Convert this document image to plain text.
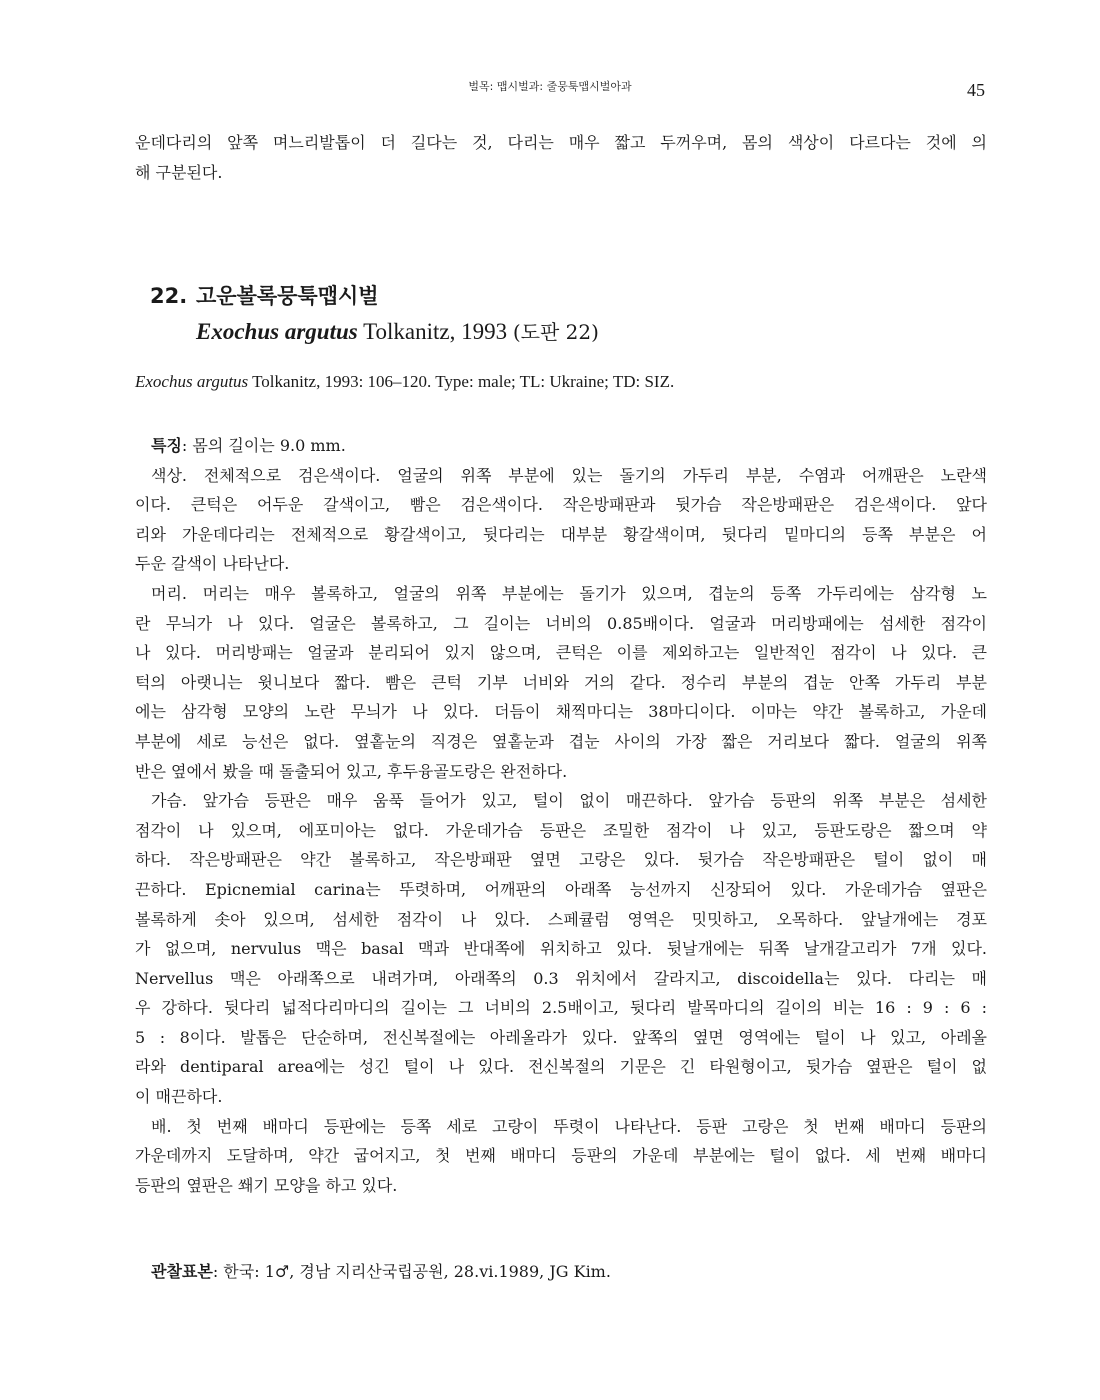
벌목: 맵시벌과: 줄뭉툭맵시벌아과	45
운데다리의 앞쪽 며느리발톱이 더 길다는 것, 다리는 매우 짧고 두꺼우며, 몸의 색상이 다르다는 것에 의
해 구분된다.
22. 고운볼록뭉툭맵시벌
Exochus argutus Tolkanitz, 1993 (도판 22)
Exochus argutus Tolkanitz, 1993: 106–120. Type: male; TL: Ukraine; TD: SIZ.
특징: 몸의 길이는 9.0 mm.
색상. 전체적으로 검은색이다. 얼굴의 위쪽 부분에 있는 돌기의 가두리 부분, 수염과 어깨판은 노란색
이다. 큰턱은 어두운 갈색이고, 빰은 검은색이다. 작은방패판과 뒷가슴 작은방패판은 검은색이다. 앞다
리와 가운데다리는 전체적으로 황갈색이고, 뒷다리는 대부분 황갈색이며, 뒷다리 밑마디의 등쪽 부분은 어
두운 갈색이 나타난다.
머리. 머리는 매우 볼록하고, 얼굴의 위쪽 부분에는 돌기가 있으며, 겹눈의 등쪽 가두리에는 삼각형 노
란 무늬가 나 있다. 얼굴은 볼록하고, 그 길이는 너비의 0.85배이다. 얼굴과 머리방패에는 섬세한 점각이
나 있다. 머리방패는 얼굴과 분리되어 있지 않으며, 큰턱은 이를 제외하고는 일반적인 점각이 나 있다. 큰
턱의 아랫니는 윗니보다 짧다. 빰은 큰턱 기부 너비와 거의 같다. 정수리 부분의 겹눈 안쪽 가두리 부분
에는 삼각형 모양의 노란 무늬가 나 있다. 더듬이 채찍마디는 38마디이다. 이마는 약간 볼록하고, 가운데
부분에 세로 능선은 없다. 옆홑눈의 직경은 옆홑눈과 겹눈 사이의 가장 짧은 거리보다 짧다. 얼굴의 위쪽
반은 옆에서 봤을 때 돌출되어 있고, 후두융골도랑은 완전하다.
가슴. 앞가슴 등판은 매우 움푹 들어가 있고, 털이 없이 매끈하다. 앞가슴 등판의 위쪽 부분은 섬세한
점각이 나 있으며, 에포미아는 없다. 가운데가슴 등판은 조밀한 점각이 나 있고, 등판도랑은 짧으며 약
하다. 작은방패판은 약간 볼록하고, 작은방패판 옆면 고랑은 있다. 뒷가슴 작은방패판은 털이 없이 매
끈하다. Epicnemial carina는 뚜렷하며, 어깨판의 아래쪽 능선까지 신장되어 있다. 가운데가슴 옆판은
볼록하게 솟아 있으며, 섬세한 점각이 나 있다. 스페큘럼 영역은 밋밋하고, 오목하다. 앞날개에는 경포
가 없으며, nervulus 맥은 basal 맥과 반대쪽에 위치하고 있다. 뒷날개에는 뒤쪽 날개갈고리가 7개 있다.
Nervellus 맥은 아래쪽으로 내려가며, 아래쪽의 0.3 위치에서 갈라지고, discoidella는 있다. 다리는 매
우 강하다. 뒷다리 넓적다리마디의 길이는 그 너비의 2.5배이고, 뒷다리 발목마디의 길이의 비는 16 : 9 : 6 :
5 : 8이다. 발톱은 단순하며, 전신복절에는 아레올라가 있다. 앞쪽의 옆면 영역에는 털이 나 있고, 아레올
라와 dentiparal area에는 성긴 털이 나 있다. 전신복절의 기문은 긴 타원형이고, 뒷가슴 옆판은 털이 없
이 매끈하다.
배. 첫 번째 배마디 등판에는 등쪽 세로 고랑이 뚜렷이 나타난다. 등판 고랑은 첫 번째 배마디 등판의
가운데까지 도달하며, 약간 굽어지고, 첫 번째 배마디 등판의 가운데 부분에는 털이 없다. 세 번째 배마디
등판의 옆판은 쐐기 모양을 하고 있다.
관찰표본: 한국: 1♂, 경남 지리산국립공원, 28.vi.1989, JG Kim.
